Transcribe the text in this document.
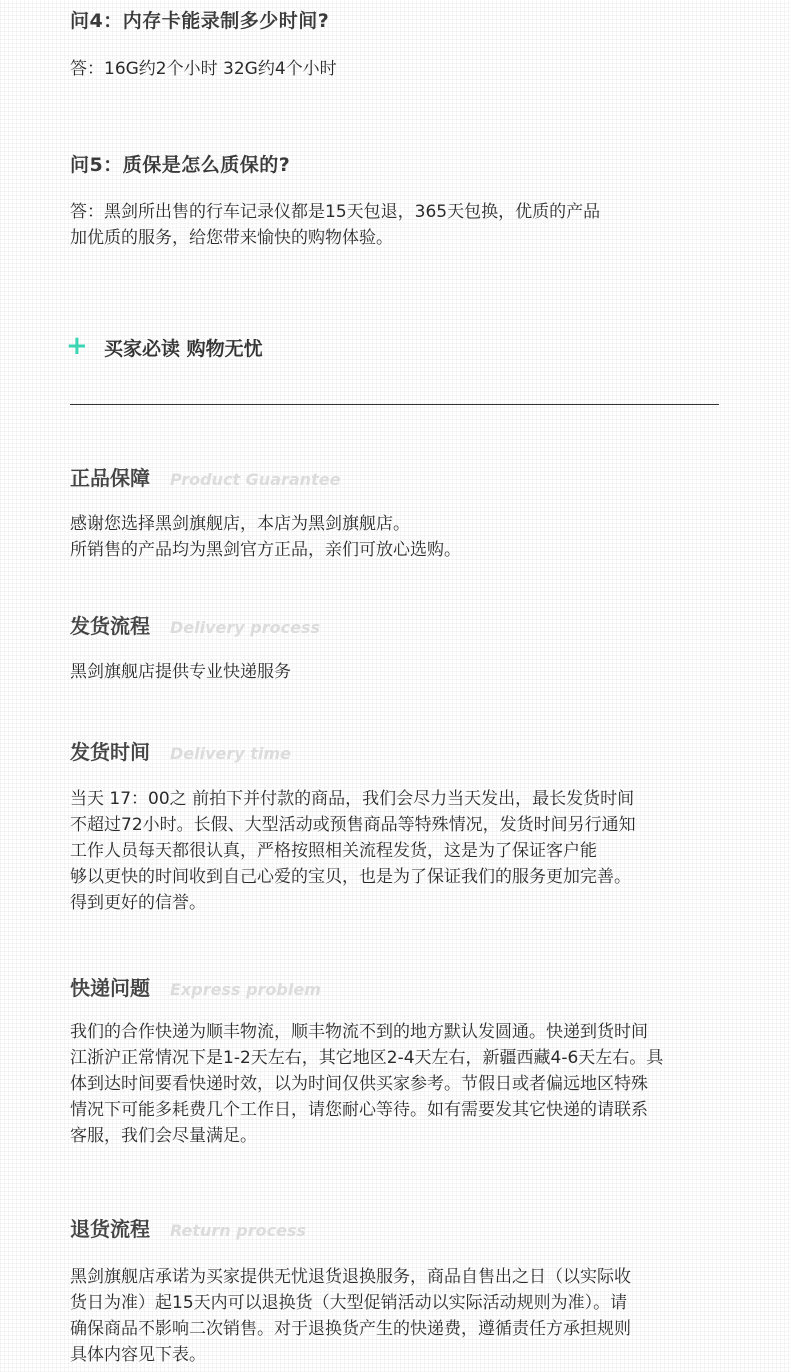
问4：内存卡能录制多少时间?
答：16G约2个小时 32G约4个小时
问5：质保是怎么质保的?
答：黑剑所出售的行车记录仪都是15天包退，365天包换，优质的产品
加优质的服务，给您带来愉快的购物体验。
+ 买家必读 购物无忧
正品保障 Product Guarantee
感谢您选择黑剑旗舰店，本店为黑剑旗舰店。
所销售的产品均为黑剑官方正品，亲们可放心选购。
发货流程 Delivery process
黑剑旗舰店提供专业快递服务
发货时间 Delivery time
当天 17：00之 前拍下并付款的商品，我们会尽力当天发出，最长发货时间
不超过72小时。长假、大型活动或预售商品等特殊情况，发货时间另行通知
工作人员每天都很认真，严格按照相关流程发货，这是为了保证客户能
够以更快的时间收到自己心爱的宝贝，也是为了保证我们的服务更加完善。
得到更好的信誉。
快递问题 Express problem
我们的合作快递为顺丰物流，顺丰物流不到的地方默认发圆通。快递到货时间
江浙沪正常情况下是1-2天左右，其它地区2-4天左右，新疆西藏4-6天左右。具
体到达时间要看快递时效，以为时间仅供买家参考。节假日或者偏远地区特殊
情况下可能多耗费几个工作日，请您耐心等待。如有需要发其它快递的请联系
客服，我们会尽量满足。
退货流程 Return process
黑剑旗舰店承诺为买家提供无忧退货退换服务，商品自售出之日（以实际收
货日为准）起15天内可以退换货（大型促销活动以实际活动规则为准）。请
确保商品不影响二次销售。对于退换货产生的快递费，遵循责任方承担规则
具体内容见下表。
